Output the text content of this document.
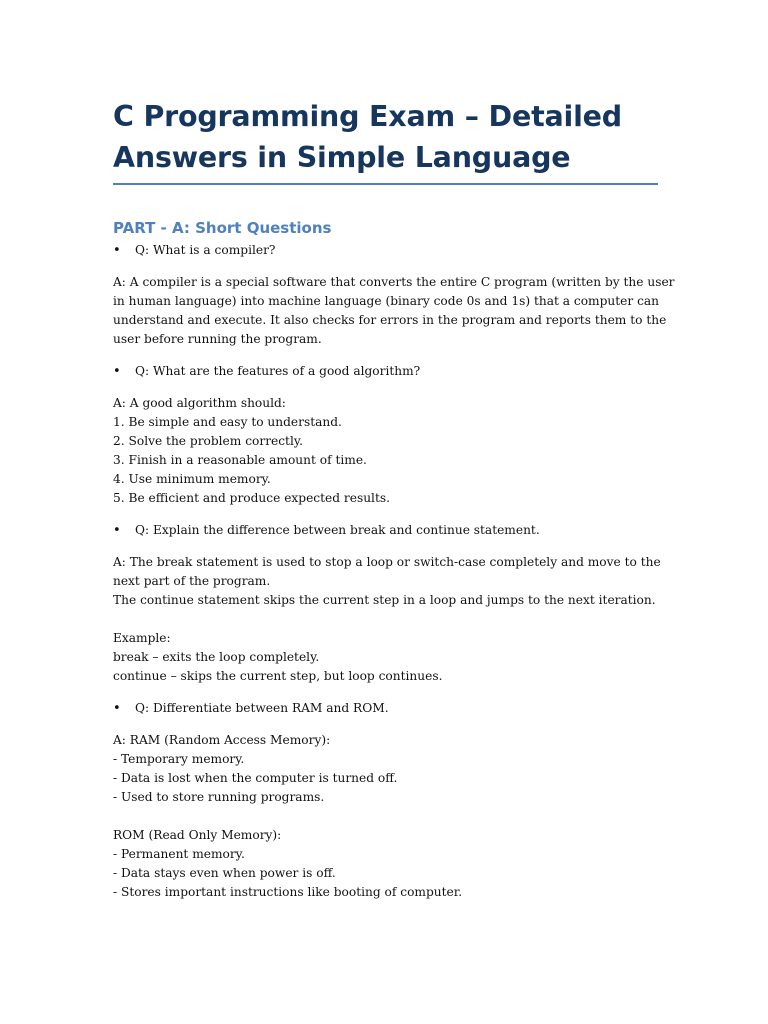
C Programming Exam – Detailed
Answers in Simple Language
PART - A: Short Questions
•	Q: What is a compiler?
A: A compiler is a special software that converts the entire C program (written by the user
in human language) into machine language (binary code 0s and 1s) that a computer can
understand and execute. It also checks for errors in the program and reports them to the
user before running the program.
•	Q: What are the features of a good algorithm?
A: A good algorithm should:
1. Be simple and easy to understand.
2. Solve the problem correctly.
3. Finish in a reasonable amount of time.
4. Use minimum memory.
5. Be efficient and produce expected results.
•	Q: Explain the difference between break and continue statement.
A: The break statement is used to stop a loop or switch-case completely and move to the
next part of the program.
The continue statement skips the current step in a loop and jumps to the next iteration.
Example:
break – exits the loop completely.
continue – skips the current step, but loop continues.
•	Q: Differentiate between RAM and ROM.
A: RAM (Random Access Memory):
- Temporary memory.
- Data is lost when the computer is turned off.
- Used to store running programs.
ROM (Read Only Memory):
- Permanent memory.
- Data stays even when power is off.
- Stores important instructions like booting of computer.
